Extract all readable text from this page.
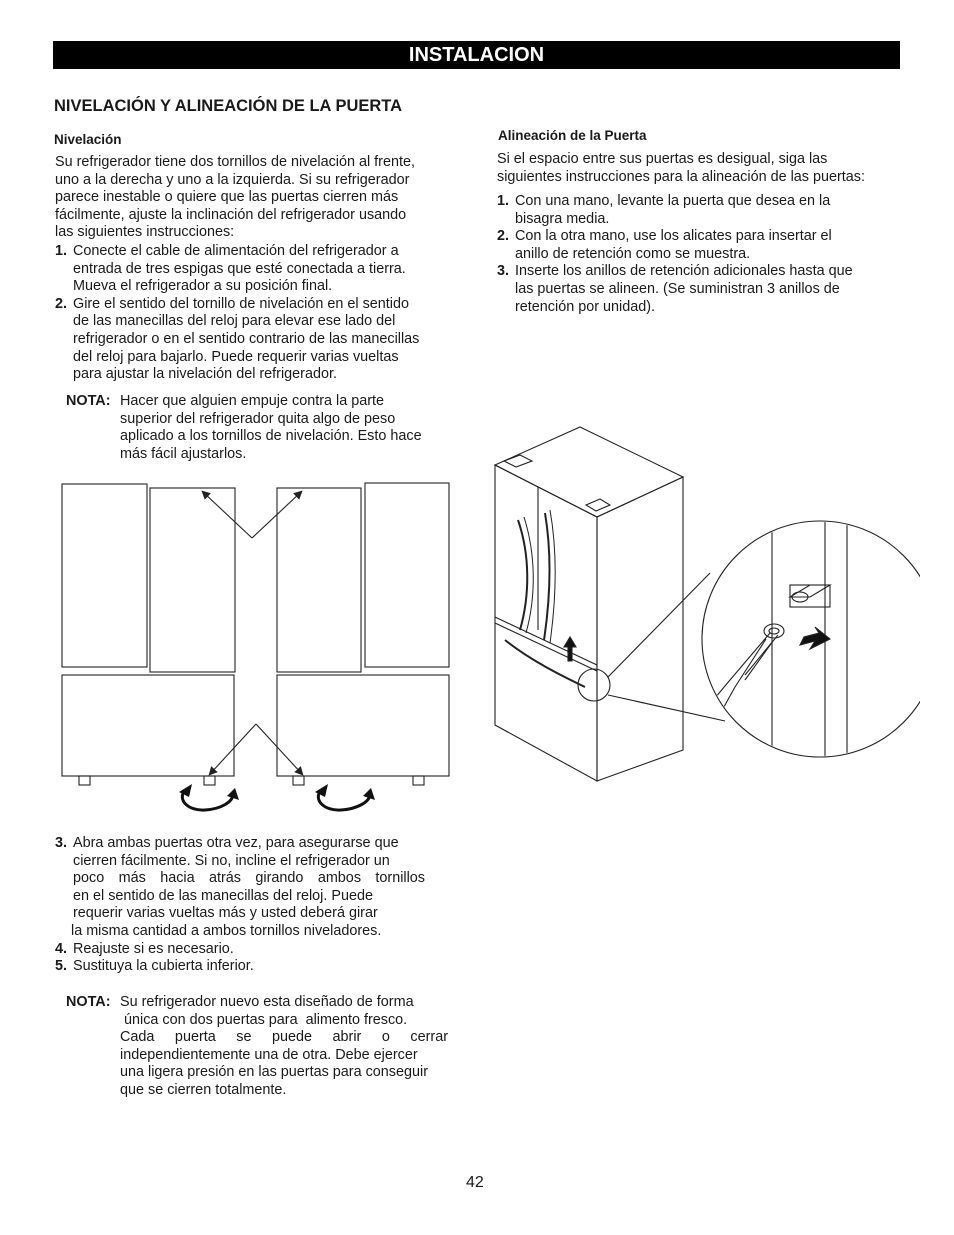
INSTALACION
NIVELACIÓN Y ALINEACIÓN DE LA PUERTA
Nivelación
Su refrigerador tiene dos tornillos de nivelación al frente,
uno a la derecha y uno a la izquierda. Si su refrigerador
parece inestable o quiere que las puertas cierren más
fácilmente, ajuste la inclinación del refrigerador usando
las siguientes instrucciones:
1. Conecte el cable de alimentación del refrigerador a
entrada de tres espigas que esté conectada a tierra.
Mueva el refrigerador a su posición final.
2. Gire el sentido del tornillo de nivelación en el sentido
de las manecillas del reloj para elevar ese lado del
refrigerador o en el sentido contrario de las manecillas
del reloj para bajarlo. Puede requerir varias vueltas
para ajustar la nivelación del refrigerador.
NOTA: Hacer que alguien empuje contra la parte
superior del refrigerador quita algo de peso
aplicado a los tornillos de nivelación. Esto hace
más fácil ajustarlos.
3. Abra ambas puertas otra vez, para asegurarse que
cierren fácilmente. Si no, incline el refrigerador un
poco más hacia atrás girando ambos tornillos
en el sentido de las manecillas del reloj. Puede
requerir varias vueltas más y usted deberá girar
la misma cantidad a ambos tornillos niveladores.
4. Reajuste si es necesario.
5. Sustituya la cubierta inferior.
NOTA: Su refrigerador nuevo esta diseñado de forma
única con dos puertas para  alimento fresco.
Cada puerta se puede abrir o cerrar
independientemente una de otra. Debe ejercer
una ligera presión en las puertas para conseguir
que se cierren totalmente.
Alineación de la Puerta
Si el espacio entre sus puertas es desigual, siga las
siguientes instrucciones para la alineación de las puertas:
1. Con una mano, levante la puerta que desea en la
bisagra media.
2. Con la otra mano, use los alicates para insertar el
anillo de retención como se muestra.
3. Inserte los anillos de retención adicionales hasta que
las puertas se alineen. (Se suministran 3 anillos de
retención por unidad).
42
